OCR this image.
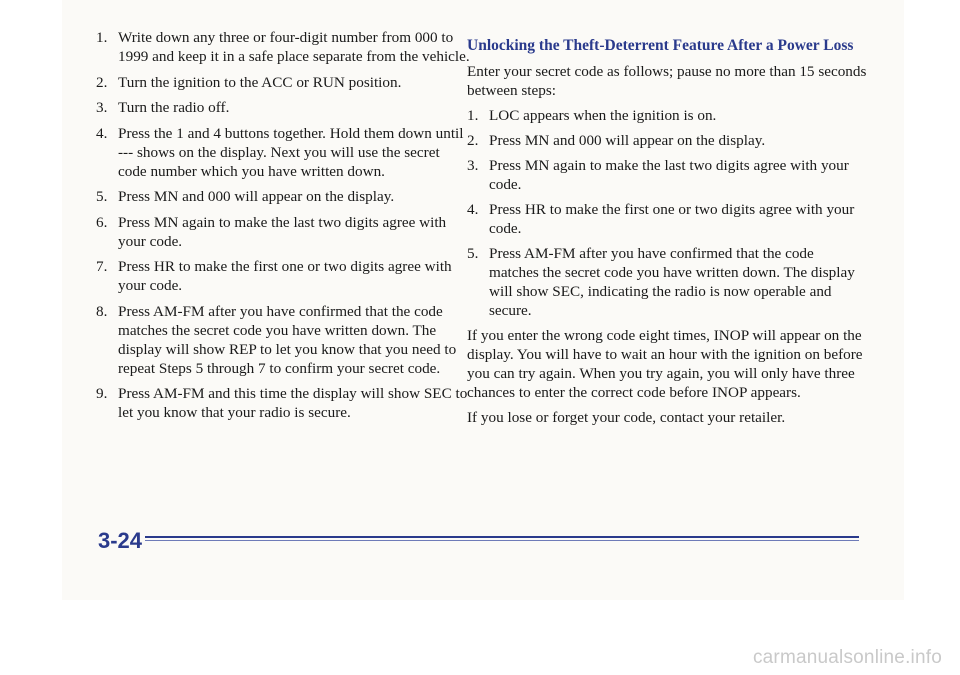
1. Write down any three or four-digit number from 000 to 1999 and keep it in a safe place separate from the vehicle.
2. Turn the ignition to the ACC or RUN position.
3. Turn the radio off.
4. Press the 1 and 4 buttons together. Hold them down until --- shows on the display. Next you will use the secret code number which you have written down.
5. Press MN and 000 will appear on the display.
6. Press MN again to make the last two digits agree with your code.
7. Press HR to make the first one or two digits agree with your code.
8. Press AM-FM after you have confirmed that the code matches the secret code you have written down. The display will show REP to let you know that you need to repeat Steps 5 through 7 to confirm your secret code.
9. Press AM-FM and this time the display will show SEC to let you know that your radio is secure.
Unlocking the Theft-Deterrent Feature After a Power Loss

Enter your secret code as follows; pause no more than 15 seconds between steps:

1. LOC appears when the ignition is on.
2. Press MN and 000 will appear on the display.
3. Press MN again to make the last two digits agree with your code.
4. Press HR to make the first one or two digits agree with your code.
5. Press AM-FM after you have confirmed that the code matches the secret code you have written down. The display will show SEC, indicating the radio is now operable and secure.

If you enter the wrong code eight times, INOP will appear on the display. You will have to wait an hour with the ignition on before you can try again. When you try again, you will only have three chances to enter the correct code before INOP appears.

If you lose or forget your code, contact your retailer.

3-24
carmanualsonline.info
